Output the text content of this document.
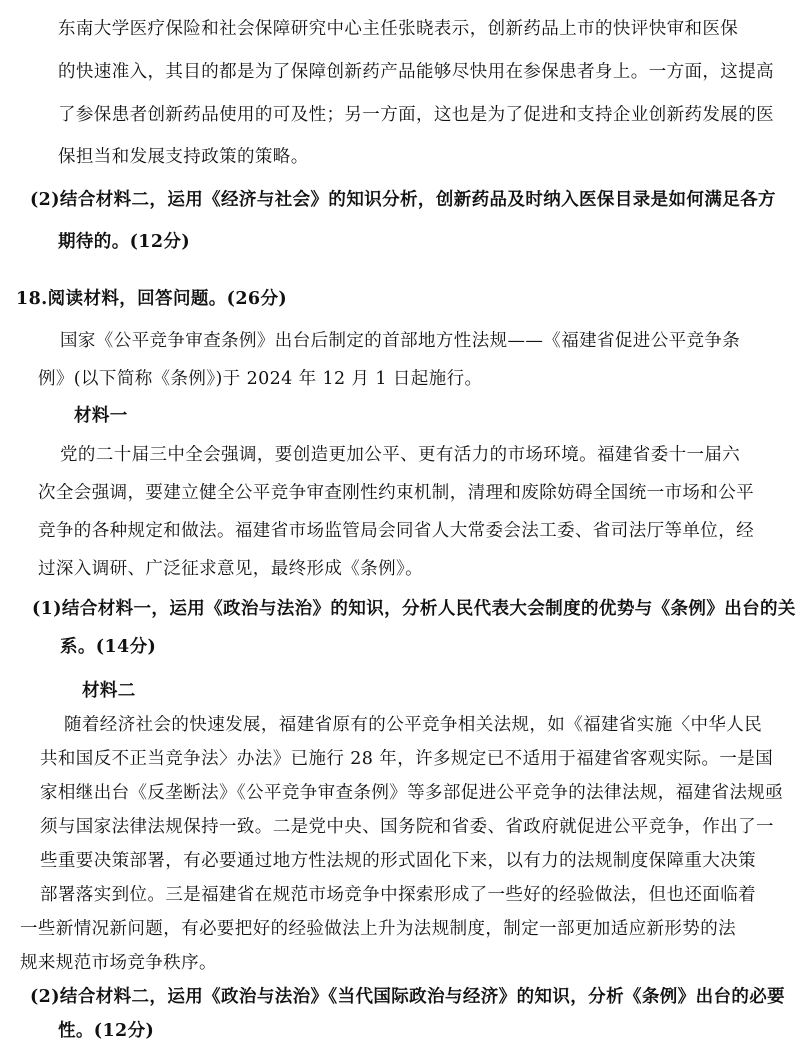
东南大学医疗保险和社会保障研究中心主任张晓表示，创新药品上市的快评快审和医保

的快速准入，其目的都是为了保障创新药产品能够尽快用在参保患者身上。一方面，这提高

了参保患者创新药品使用的可及性；另一方面，这也是为了促进和支持企业创新药发展的医

保担当和发展支持政策的策略。

(2)结合材料二，运用《经济与社会》的知识分析，创新药品及时纳入医保目录是如何满足各方

期待的。(12分)

18.阅读材料，回答问题。(26分)

国家《公平竞争审查条例》出台后制定的首部地方性法规——《福建省促进公平竞争条

例》(以下简称《条例》)于 2024 年 12 月 1 日起施行。

材料一

党的二十届三中全会强调，要创造更加公平、更有活力的市场环境。福建省委十一届六

次全会强调，要建立健全公平竞争审查刚性约束机制，清理和废除妨碍全国统一市场和公平

竞争的各种规定和做法。福建省市场监管局会同省人大常委会法工委、省司法厅等单位，经

过深入调研、广泛征求意见，最终形成《条例》。

(1)结合材料一，运用《政治与法治》的知识，分析人民代表大会制度的优势与《条例》出台的关

系。(14分)

材料二

随着经济社会的快速发展，福建省原有的公平竞争相关法规，如《福建省实施〈中华人民

共和国反不正当竞争法〉办法》已施行 28 年，许多规定已不适用于福建省客观实际。一是国

家相继出台《反垄断法》《公平竞争审查条例》等多部促进公平竞争的法律法规，福建省法规亟

须与国家法律法规保持一致。二是党中央、国务院和省委、省政府就促进公平竞争，作出了一

些重要决策部署，有必要通过地方性法规的形式固化下来，以有力的法规制度保障重大决策

部署落实到位。三是福建省在规范市场竞争中探索形成了一些好的经验做法，但也还面临着

一些新情况新问题，有必要把好的经验做法上升为法规制度，制定一部更加适应新形势的法

规来规范市场竞争秩序。

(2)结合材料二，运用《政治与法治》《当代国际政治与经济》的知识，分析《条例》出台的必要

性。(12分)
